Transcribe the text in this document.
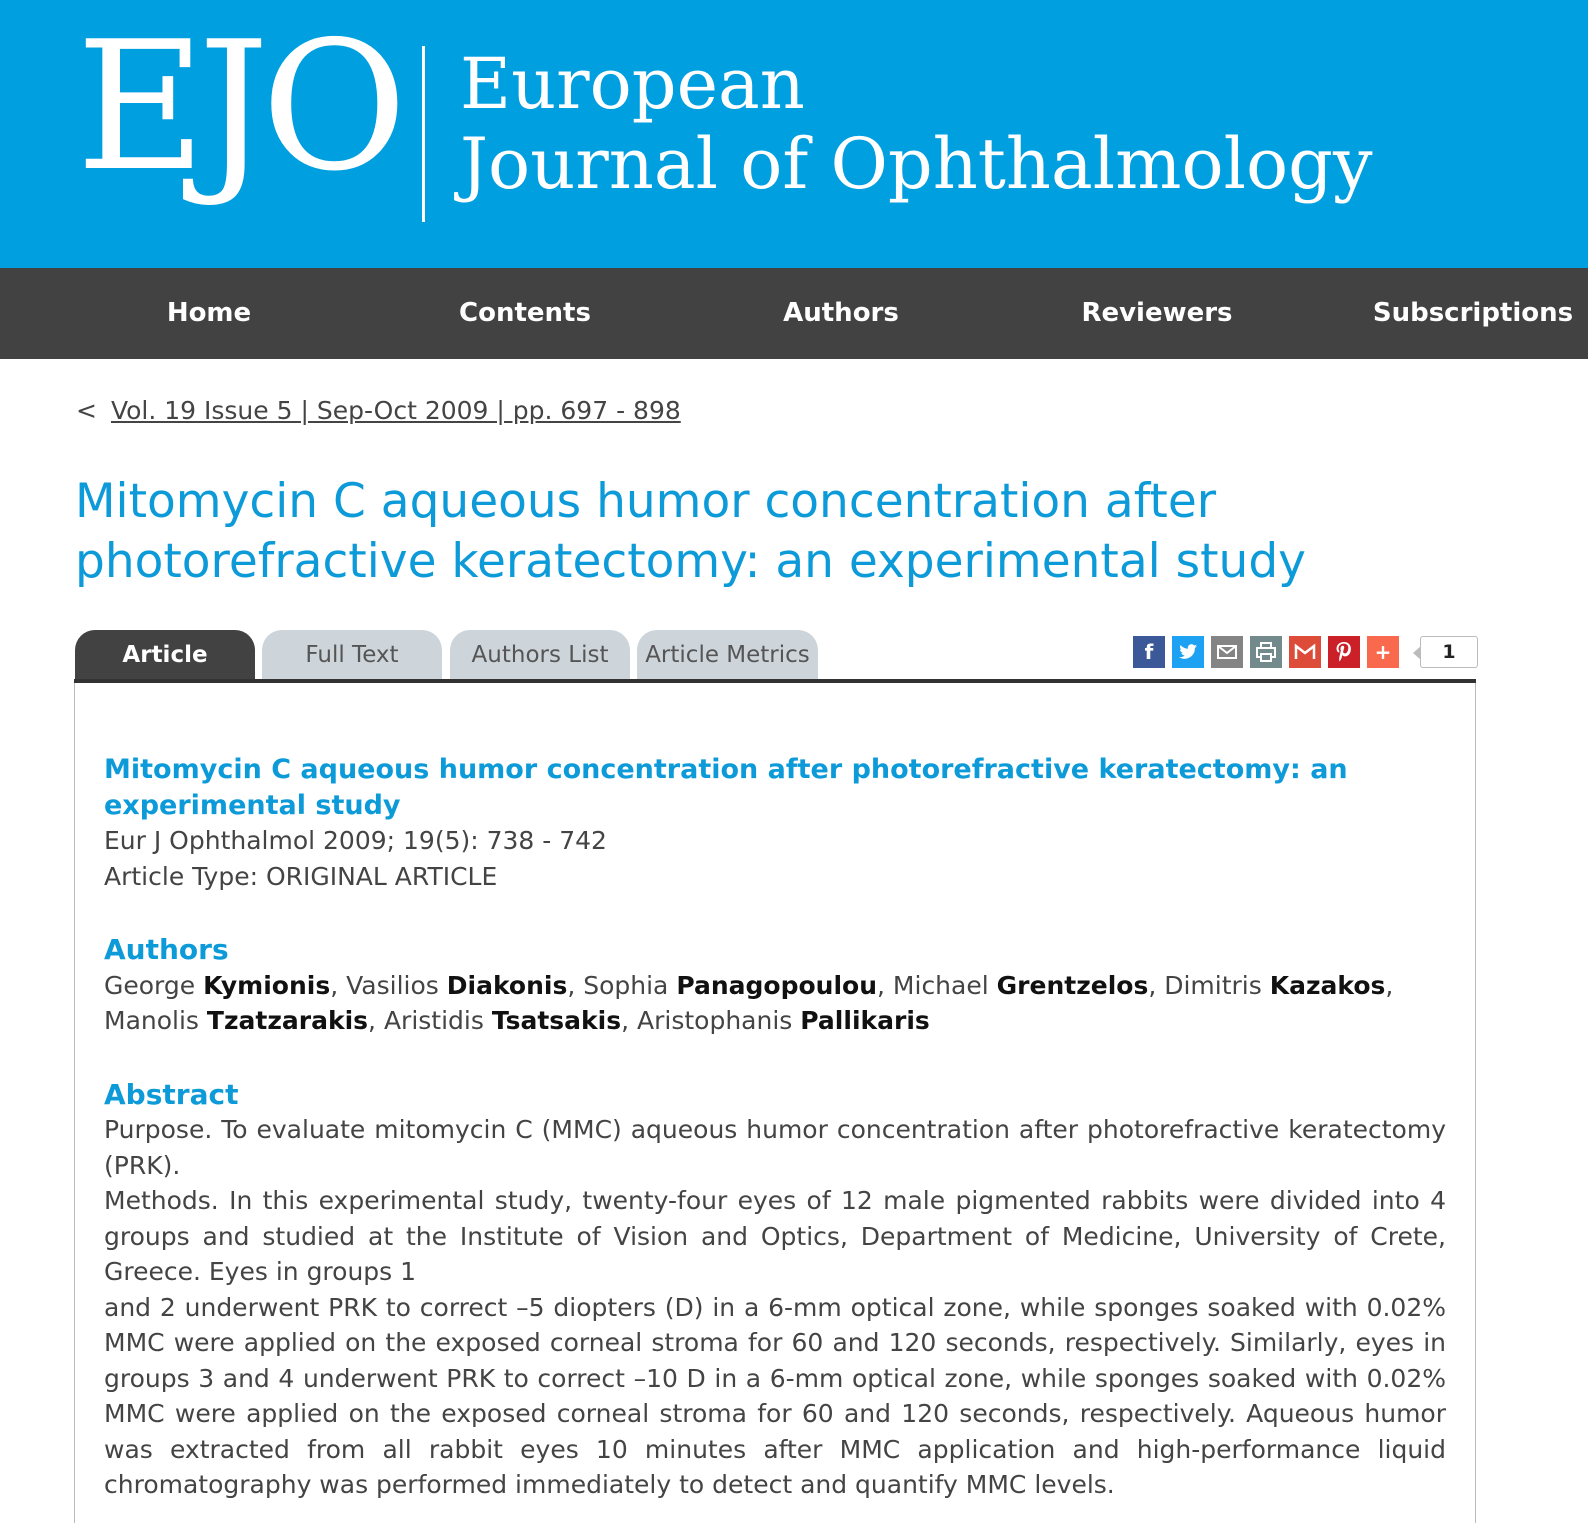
EJO European
Journal of Ophthalmology
Home	Contents	Authors	Reviewers	Subscriptions
< Vol. 19 Issue 5 | Sep-Oct 2009 | pp. 697 - 898
Mitomycin C aqueous humor concentration after photorefractive keratectomy: an experimental study
Article Details
Full Text	Authors List	Article Metrics	f	+	1
Mitomycin C aqueous humor concentration after photorefractive keratectomy: an experimental study
Eur J Ophthalmol 2009; 19(5): 738 - 742
Article Type: ORIGINAL ARTICLE
Authors
George Kymionis, Vasilios Diakonis, Sophia Panagopoulou, Michael Grentzelos, Dimitris Kazakos, Manolis Tzatzarakis, Aristidis Tsatsakis, Aristophanis Pallikaris
Abstract

Purpose. To evaluate mitomycin C (MMC) aqueous humor concentration after photorefractive keratectomy (PRK).

Methods. In this experimental study, twenty-four eyes of 12 male pigmented rabbits were divided into 4 groups and studied at the Institute of Vision and Optics, Department of Medicine, University of Crete, Greece. Eyes in groups 1

and 2 underwent PRK to correct –5 diopters (D) in a 6-mm optical zone, while sponges soaked with 0.02% MMC were applied on the exposed corneal stroma for 60 and 120 seconds, respectively. Similarly, eyes in groups 3 and 4 underwent PRK to correct –10 D in a 6-mm optical zone, while sponges soaked with 0.02% MMC were applied on the exposed corneal stroma for 60 and 120 seconds, respectively. Aqueous humor was extracted from all rabbit eyes 10 minutes after MMC application and high-performance liquid chromatography was performed immediately to detect and quantify MMC levels.
